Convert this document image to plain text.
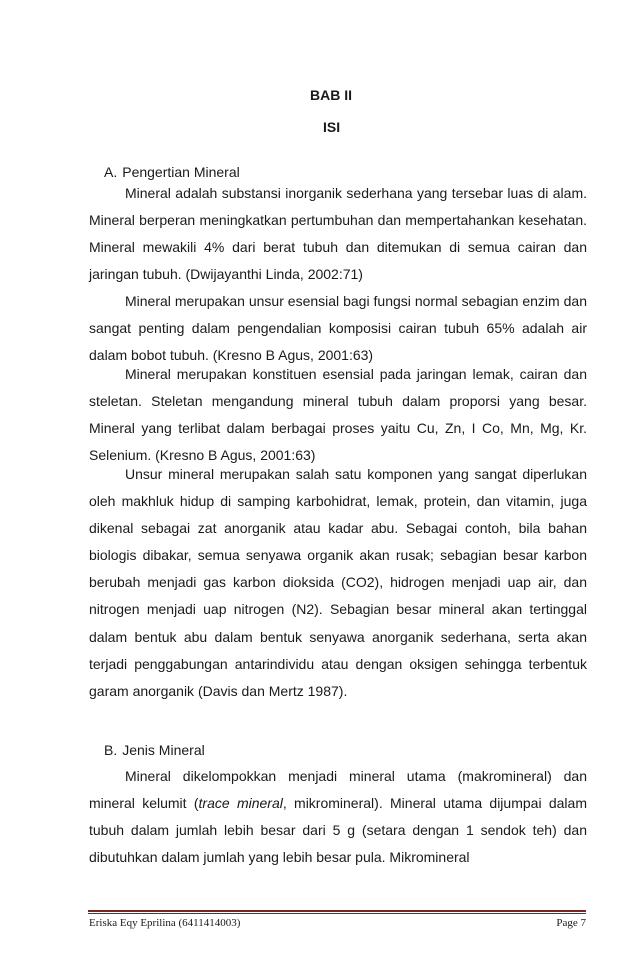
BAB II
ISI

A. Pengertian Mineral

Mineral adalah substansi inorganik sederhana yang tersebar luas di alam. Mineral berperan meningkatkan pertumbuhan dan mempertahankan kesehatan. Mineral mewakili 4% dari berat tubuh dan ditemukan di semua cairan dan jaringan tubuh. (Dwijayanthi Linda, 2002:71)

Mineral merupakan unsur esensial bagi fungsi normal sebagian enzim dan sangat penting dalam pengendalian komposisi cairan tubuh 65% adalah air dalam bobot tubuh. (Kresno B Agus, 2001:63)

Mineral merupakan konstituen esensial pada jaringan lemak, cairan dan steletan. Steletan mengandung mineral tubuh dalam proporsi yang besar. Mineral yang terlibat dalam berbagai proses yaitu Cu, Zn, I Co, Mn, Mg, Kr. Selenium. (Kresno B Agus, 2001:63)

Unsur mineral merupakan salah satu komponen yang sangat diperlukan oleh makhluk hidup di samping karbohidrat, lemak, protein, dan vitamin, juga dikenal sebagai zat anorganik atau kadar abu. Sebagai contoh, bila bahan biologis dibakar, semua senyawa organik akan rusak; sebagian besar karbon berubah menjadi gas karbon dioksida (CO2), hidrogen menjadi uap air, dan nitrogen menjadi uap nitrogen (N2). Sebagian besar mineral akan tertinggal dalam bentuk abu dalam bentuk senyawa anorganik sederhana, serta akan terjadi penggabungan antarindividu atau dengan oksigen sehingga terbentuk garam anorganik (Davis dan Mertz 1987).

B. Jenis Mineral

Mineral dikelompokkan menjadi mineral utama (makromineral) dan mineral kelumit (trace mineral, mikromineral). Mineral utama dijumpai dalam tubuh dalam jumlah lebih besar dari 5 g (setara dengan 1 sendok teh) dan dibutuhkan dalam jumlah yang lebih besar pula. Mikromineral

Eriska Eqy Eprilina (6411414003)	Page 7
